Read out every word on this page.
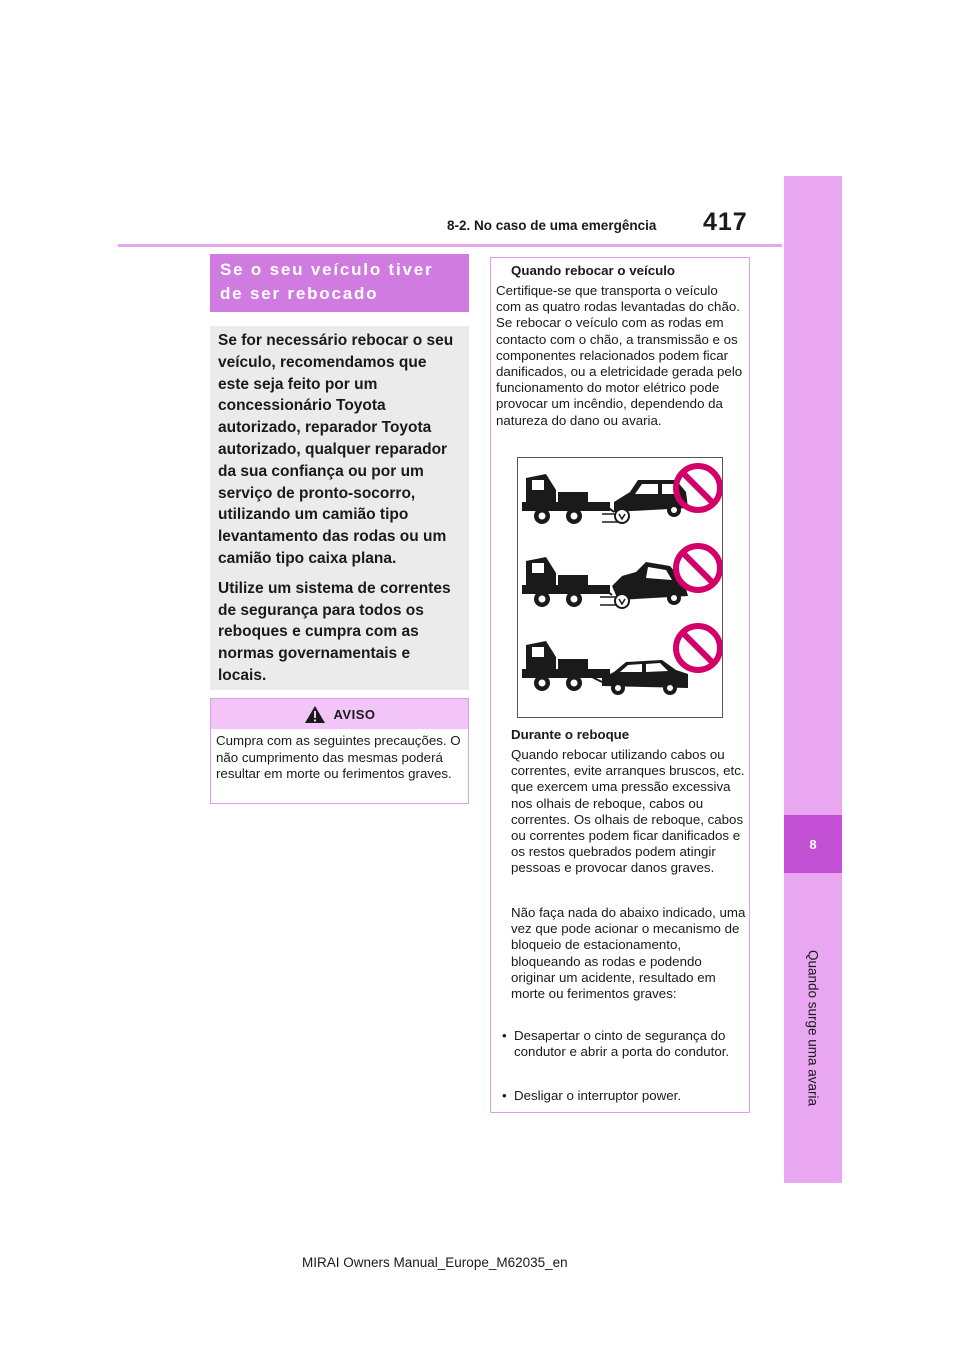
8-2. No caso de uma emergência 417
8
Quando surge uma avaria
Se o seu veículo tiver de ser rebocado

Se for necessário rebocar o seu veículo, recomendamos que este seja feito por um concessionário Toyota autorizado, reparador Toyota autorizado, qualquer reparador da sua confiança ou por um serviço de pronto-socorro, utilizando um camião tipo levantamento das rodas ou um camião tipo caixa plana.

Utilize um sistema de correntes de segurança para todos os reboques e cumpra com as normas governamentais e locais.

AVISO
Cumpra com as seguintes precauções. O não cumprimento das mesmas poderá resultar em morte ou ferimentos graves.
Quando rebocar o veículo
Certifique-se que transporta o veículo com as quatro rodas levantadas do chão. Se rebocar o veículo com as rodas em contacto com o chão, a transmissão e os componentes relacionados podem ficar danificados, ou a eletricidade gerada pelo funcionamento do motor elétrico pode provocar um incêndio, dependendo da natureza do dano ou avaria.
Durante o reboque
Quando rebocar utilizando cabos ou correntes, evite arranques bruscos, etc. que exercem uma pressão excessiva nos olhais de reboque, cabos ou correntes. Os olhais de reboque, cabos ou correntes podem ficar danificados e os restos quebrados podem atingir pessoas e provocar danos graves.
Não faça nada do abaixo indicado, uma vez que pode acionar o mecanismo de bloqueio de estacionamento, bloqueando as rodas e podendo originar um acidente, resultado em morte ou ferimentos graves:
• Desapertar o cinto de segurança do condutor e abrir a porta do condutor.
• Desligar o interruptor power.
MIRAI Owners Manual_Europe_M62035_en
